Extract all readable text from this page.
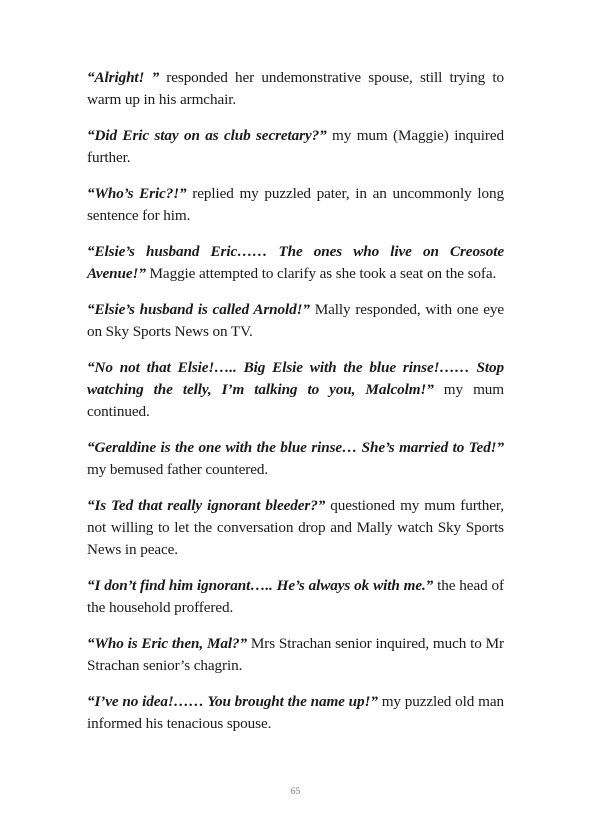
“Alright! ” responded her undemonstrative spouse, still trying to warm up in his armchair.

“Did Eric stay on as club secretary?” my mum (Maggie) inquired further.

“Who’s Eric?!” replied my puzzled pater, in an uncommonly long sentence for him.

“Elsie’s husband Eric…… The ones who live on Creosote Avenue!” Maggie attempted to clarify as she took a seat on the sofa.

“Elsie’s husband is called Arnold!” Mally responded, with one eye on Sky Sports News on TV.

“No not that Elsie!….. Big Elsie with the blue rinse!…… Stop watching the telly, I’m talking to you, Malcolm!” my mum continued.

“Geraldine is the one with the blue rinse… She’s married to Ted!” my bemused father countered.

“Is Ted that really ignorant bleeder?” questioned my mum further, not willing to let the conversation drop and Mally watch Sky Sports News in peace.

“I don’t find him ignorant….. He’s always ok with me.” the head of the household proffered.

“Who is Eric then, Mal?” Mrs Strachan senior inquired, much to Mr Strachan senior’s chagrin.

“I’ve no idea!…… You brought the name up!” my puzzled old man informed his tenacious spouse.

65
